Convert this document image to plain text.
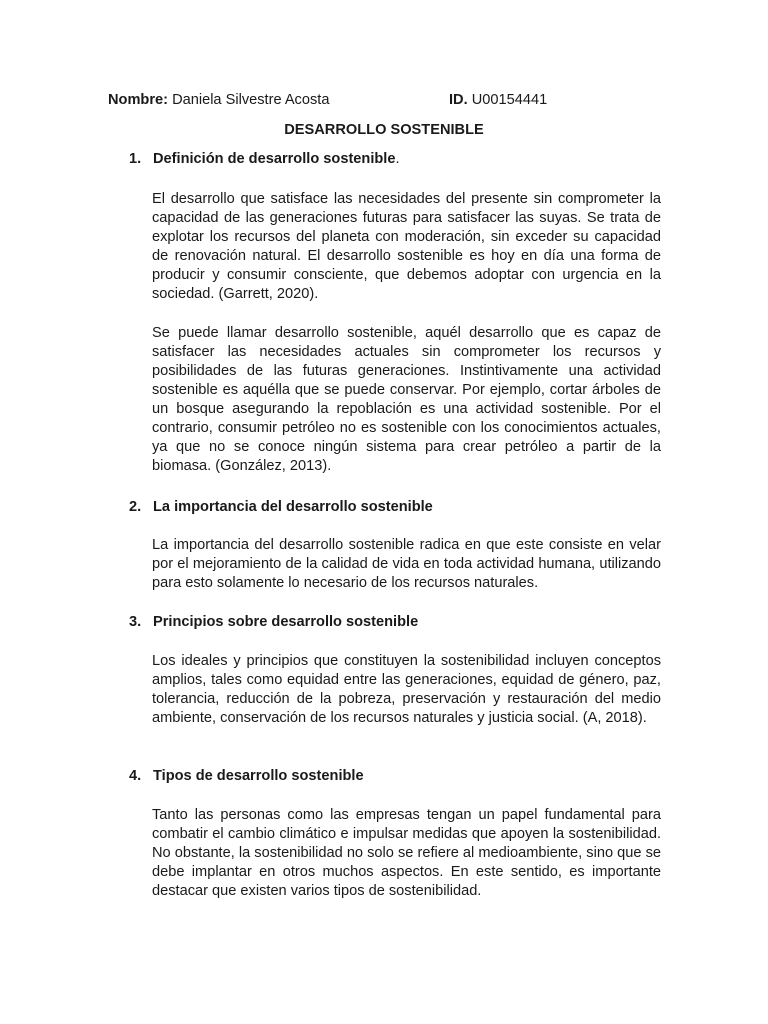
Nombre: Daniela Silvestre Acosta	ID. U00154441
DESARROLLO SOSTENIBLE
1. Definición de desarrollo sostenible.

El desarrollo que satisface las necesidades del presente sin comprometer la capacidad de las generaciones futuras para satisfacer las suyas. Se trata de explotar los recursos del planeta con moderación, sin exceder su capacidad de renovación natural. El desarrollo sostenible es hoy en día una forma de producir y consumir consciente, que debemos adoptar con urgencia en la sociedad. (Garrett, 2020).

Se puede llamar desarrollo sostenible, aquél desarrollo que es capaz de satisfacer las necesidades actuales sin comprometer los recursos y posibilidades de las futuras generaciones. Instintivamente una actividad sostenible es aquélla que se puede conservar. Por ejemplo, cortar árboles de un bosque asegurando la repoblación es una actividad sostenible. Por el contrario, consumir petróleo no es sostenible con los conocimientos actuales, ya que no se conoce ningún sistema para crear petróleo a partir de la biomasa. (González, 2013).

2. La importancia del desarrollo sostenible

La importancia del desarrollo sostenible radica en que este consiste en velar por el mejoramiento de la calidad de vida en toda actividad humana, utilizando para esto solamente lo necesario de los recursos naturales.

3. Principios sobre desarrollo sostenible

Los ideales y principios que constituyen la sostenibilidad incluyen conceptos amplios, tales como equidad entre las generaciones, equidad de género, paz, tolerancia, reducción de la pobreza, preservación y restauración del medio ambiente, conservación de los recursos naturales y justicia social. (A, 2018).

4. Tipos de desarrollo sostenible

Tanto las personas como las empresas tengan un papel fundamental para combatir el cambio climático e impulsar medidas que apoyen la sostenibilidad. No obstante, la sostenibilidad no solo se refiere al medioambiente, sino que se debe implantar en otros muchos aspectos. En este sentido, es importante destacar que existen varios tipos de sostenibilidad.
